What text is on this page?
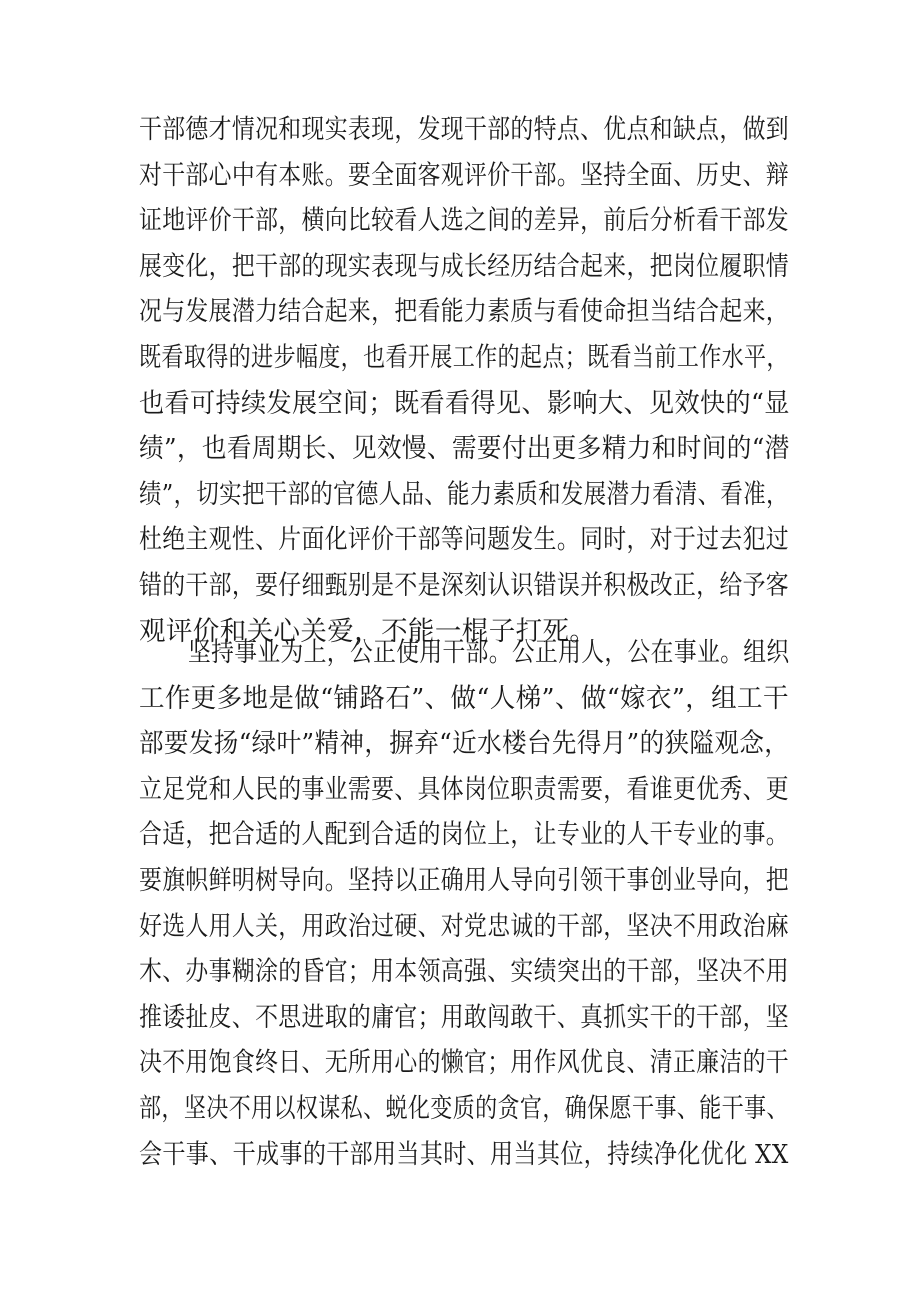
干部德才情况和现实表现，发现干部的特点、优点和缺点，做到
对干部心中有本账。要全面客观评价干部。坚持全面、历史、辩
证地评价干部，横向比较看人选之间的差异，前后分析看干部发
展变化，把干部的现实表现与成长经历结合起来，把岗位履职情
况与发展潜力结合起来，把看能力素质与看使命担当结合起来，
既看取得的进步幅度，也看开展工作的起点；既看当前工作水平，
也看可持续发展空间；既看看得见、影响大、见效快的“显
绩”，也看周期长、见效慢、需要付出更多精力和时间的“潜
绩”，切实把干部的官德人品、能力素质和发展潜力看清、看准，
杜绝主观性、片面化评价干部等问题发生。同时，对于过去犯过
错的干部，要仔细甄别是不是深刻认识错误并积极改正，给予客
观评价和关心关爱，不能一棍子打死。
坚持事业为上，公正使用干部。公正用人，公在事业。组织
工作更多地是做“铺路石”、做“人梯”、做“嫁衣”，组工干
部要发扬“绿叶”精神，摒弃“近水楼台先得月”的狭隘观念，
立足党和人民的事业需要、具体岗位职责需要，看谁更优秀、更
合适，把合适的人配到合适的岗位上，让专业的人干专业的事。
要旗帜鲜明树导向。坚持以正确用人导向引领干事创业导向，把
好选人用人关，用政治过硬、对党忠诚的干部，坚决不用政治麻
木、办事糊涂的昏官；用本领高强、实绩突出的干部，坚决不用
推诿扯皮、不思进取的庸官；用敢闯敢干、真抓实干的干部，坚
决不用饱食终日、无所用心的懒官；用作风优良、清正廉洁的干
部，坚决不用以权谋私、蜕化变质的贪官，确保愿干事、能干事、
会干事、干成事的干部用当其时、用当其位，持续净化优化 XX
